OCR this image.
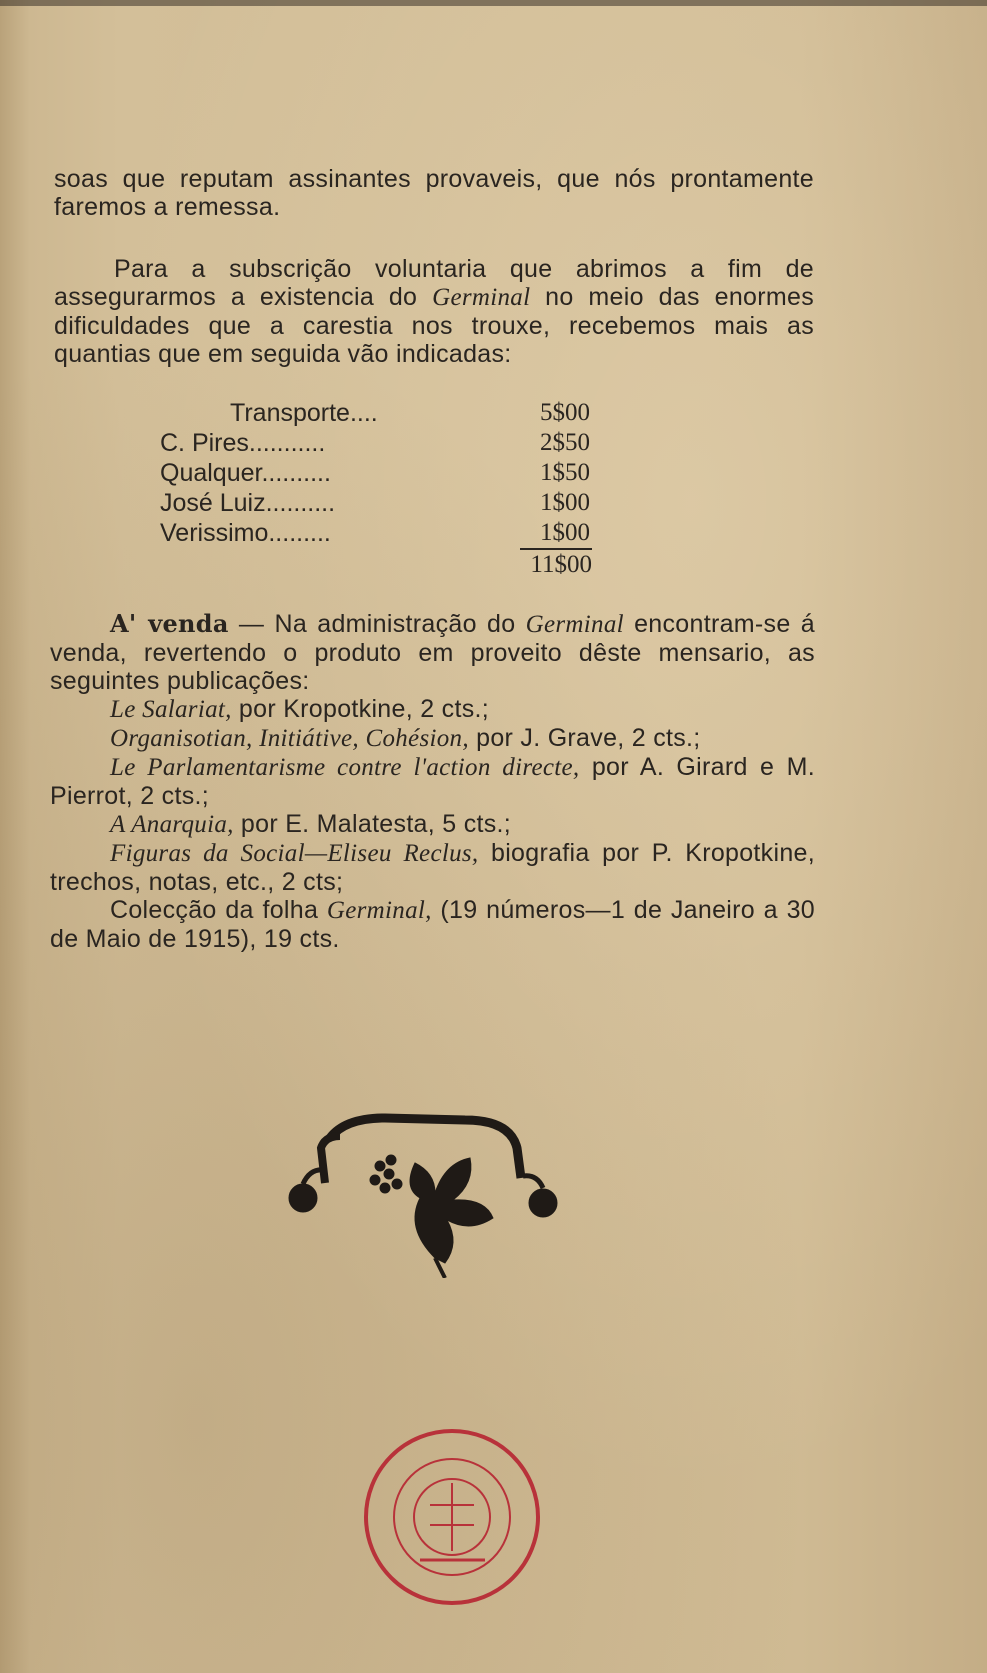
soas que reputam assinantes provaveis, que nós prontamente faremos a remessa.
Para a subscrição voluntaria que abrimos a fim de assegurarmos a existencia do Germinal no meio das enormes dificuldades que a carestia nos trouxe, recebemos mais as quantias que em seguida vão indicadas:
Transporte....	5$00
C. Pires...........	2$50
Qualquer..........	1$50
José Luiz..........	1$00
Verissimo.........	1$00
11$00
A' venda — Na administração do Germinal encontram-se á venda, revertendo o produto em proveito dêste mensario, as seguintes publicações:
Le Salariat, por Kropotkine, 2 cts.;
Organisotian, Initiátive, Cohésion, por J. Grave, 2 cts.;
Le Parlamentarisme contre l'action directe, por A. Girard e M. Pierrot, 2 cts.;
A Anarquia, por E. Malatesta, 5 cts.;
Figuras da Social—Eliseu Reclus, biografia por P. Kropotkine, trechos, notas, etc., 2 cts;
Colecção da folha Germinal, (19 números—1 de Janeiro a 30 de Maio de 1915), 19 cts.
